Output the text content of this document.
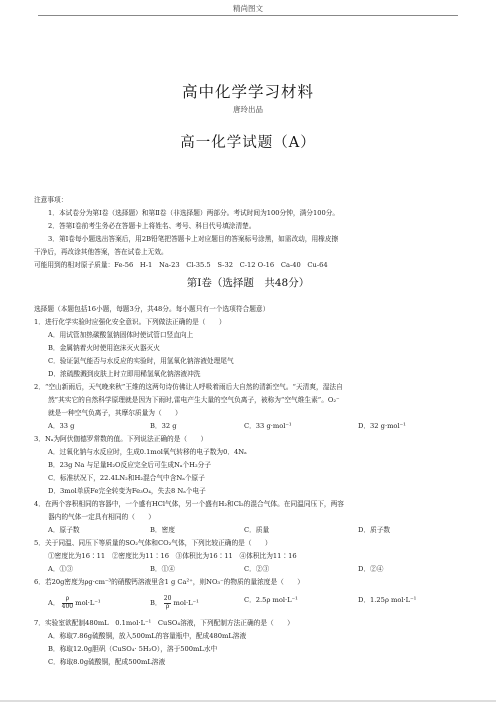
精尚图文
高中化学学习材料
唐玲出品
高一化学试题（A）
注意事项：
1．本试卷分为第Ⅰ卷（选择题）和第Ⅱ卷（非选择题）两部分。考试时间为100分钟，满分100分。
2．答第Ⅰ卷前考生务必在答题卡上将姓名、考号、科目代号填涂清楚。
3．第Ⅰ卷每小题选出答案后，用2B铅笔把答题卡上对应题目的答案标号涂黑，如需改动，用橡皮擦
干净后，再改涂其他答案，答在试卷上无效。
可能用到的相对原子质量：Fe-56　H-1　Na-23　Cl-35.5　S-32　C-12 O-16　Ca-40　Cu-64
第Ⅰ卷（选择题　共48分）
选择题（本题包括16小题，每题3分，共48分。每小题只有一个选项符合题意）
1．进行化学实验时应强化安全意识。下列做法正确的是（　　）
A．用试管加热碳酸氢钠固体时使试管口竖直向上
B．金属钠着火时使用泡沫灭火器灭火
C．验证氯气能否与水反应的实验时，用氢氧化钠溶液处理尾气
D．浓硫酸溅到皮肤上时立即用稀氢氧化钠溶液冲洗
2．“空山新雨后，天气晚来秋”王维的这两句诗仿佛让人呼吸着雨后大自然的清新空气。“天清爽，湿法自
然”其实它的自然科学原理就是因为下雨时,雷电产生大量的空气负离子，被称为“空气维生素”。O₂⁻
就是一种空气负离子，其摩尔质量为（　　）
A．33 g	B．32 g	C．33 g·mol⁻¹	D．32 g·mol⁻¹
3．Nₐ为阿伏伽德罗常数的值。下列说法正确的是（　　）
A．过氧化钠与水反应时，生成0.1mol氧气转移的电子数为0．4Nₐ
B．23g Na 与足量H₂O反应完全后可生成Nₐ个H₂分子
C．标准状况下，22.4LN₂和H₂混合气中含Nₐ个原子
D．3mol单质Fe完全转变为Fe₃O₄，失去8 Nₐ个电子
4．在两个容积相同的容器中，一个盛有HCl气体，另一个盛有H₂和Cl₂的混合气体。在同温同压下，两容
器内的气体一定具有相同的（　　）
A．原子数	B．密度	C．质量	D．质子数
5．关于同温、同压下等质量的SO₂气体和CO₂气体，下列比较正确的是（　　）
①密度比为16∶11　②密度比为11∶16　③体积比为16∶11　④体积比为11∶16
A．①③	B．①④	C．②③	D．②④
6．若20g密度为ρg·cm⁻³的硝酸钙溶液里含1 g Ca²⁺，则NO₃⁻的物质的量浓度是（　　）
A． $\frac{\rho}{400} mol\cdot L^{-1}$	B． $\frac{20}{\rho} mol\cdot L^{-1}$	C．2.5ρ mol·L⁻¹	D．1.25ρ mol·L⁻¹
7．实验室欲配制480mL　0.1mol·L⁻¹　CuSO₄溶液，下列配制方法正确的是（　　）
A．称取7.86g硫酸铜，放入500mL的容量瓶中，配成480mL溶液
B．称取12.0g胆矾（CuSO₄· 5H₂O），溶于500mL水中
C．称取8.0g硫酸铜，配成500mL溶液
